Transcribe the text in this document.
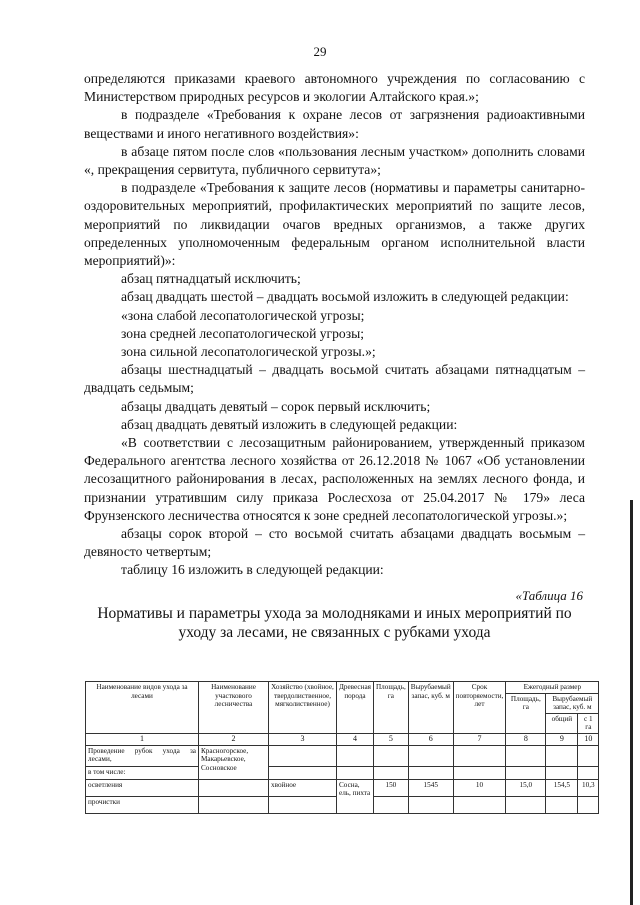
29

определяются приказами краевого автономного учреждения по согласованию с Министерством природных ресурсов и экологии Алтайского края.»;

в подразделе «Требования к охране лесов от загрязнения радиоактивными веществами и иного негативного воздействия»:

в абзаце пятом после слов «пользования лесным участком» дополнить словами «, прекращения сервитута, публичного сервитута»;

в подразделе «Требования к защите лесов (нормативы и параметры санитарно-оздоровительных мероприятий, профилактических мероприятий по защите лесов, мероприятий по ликвидации очагов вредных организмов, а также других определенных уполномоченным федеральным органом исполнительной власти мероприятий)»:

абзац пятнадцатый исключить;

абзац двадцать шестой – двадцать восьмой изложить в следующей редакции:

«зона слабой лесопатологической угрозы;

зона средней лесопатологической угрозы;

зона сильной лесопатологической угрозы.»;

абзацы шестнадцатый – двадцать восьмой считать абзацами пятнадцатым – двадцать седьмым;

абзацы двадцать девятый – сорок первый исключить;

абзац двадцать девятый изложить в следующей редакции:

«В соответствии с лесозащитным районированием, утвержденный приказом Федерального агентства лесного хозяйства от 26.12.2018 № 1067 «Об установлении лесозащитного районирования в лесах, расположенных на землях лесного фонда, и признании утратившим силу приказа Рослесхоза от 25.04.2017 № 179» леса Фрунзенского лесничества относятся к зоне средней лесопатологической угрозы.»;

абзацы сорок второй – сто восьмой считать абзацами двадцать восьмым – девяносто четвертым;

таблицу 16 изложить в следующей редакции:

«Таблица 16
Нормативы и параметры ухода за молодняками и иных мероприятий по уходу за лесами, не связанных с рубками ухода
Наименование видов ухода за лесами	Наименование участкового лесничества	Хозяйство (хвойное, твердолиственное, мягколиственное)	Древесная порода	Площадь, га	Вырубаемый запас, куб. м	Срок повторяемости, лет	Ежегодный размер		
							Площадь, га	Вырубаемый запас, куб. м	
								общий	с 1 га
1	2	3	4	5	6	7	8	9	10
Проведение рубок ухода за лесами,	Красногорское, Макарьевское, Сосновское								
в том числе:									
осветления		хвойное	Сосна, ель, пихта	150	1545	10	15,0	154,5	10,3
прочистки									
